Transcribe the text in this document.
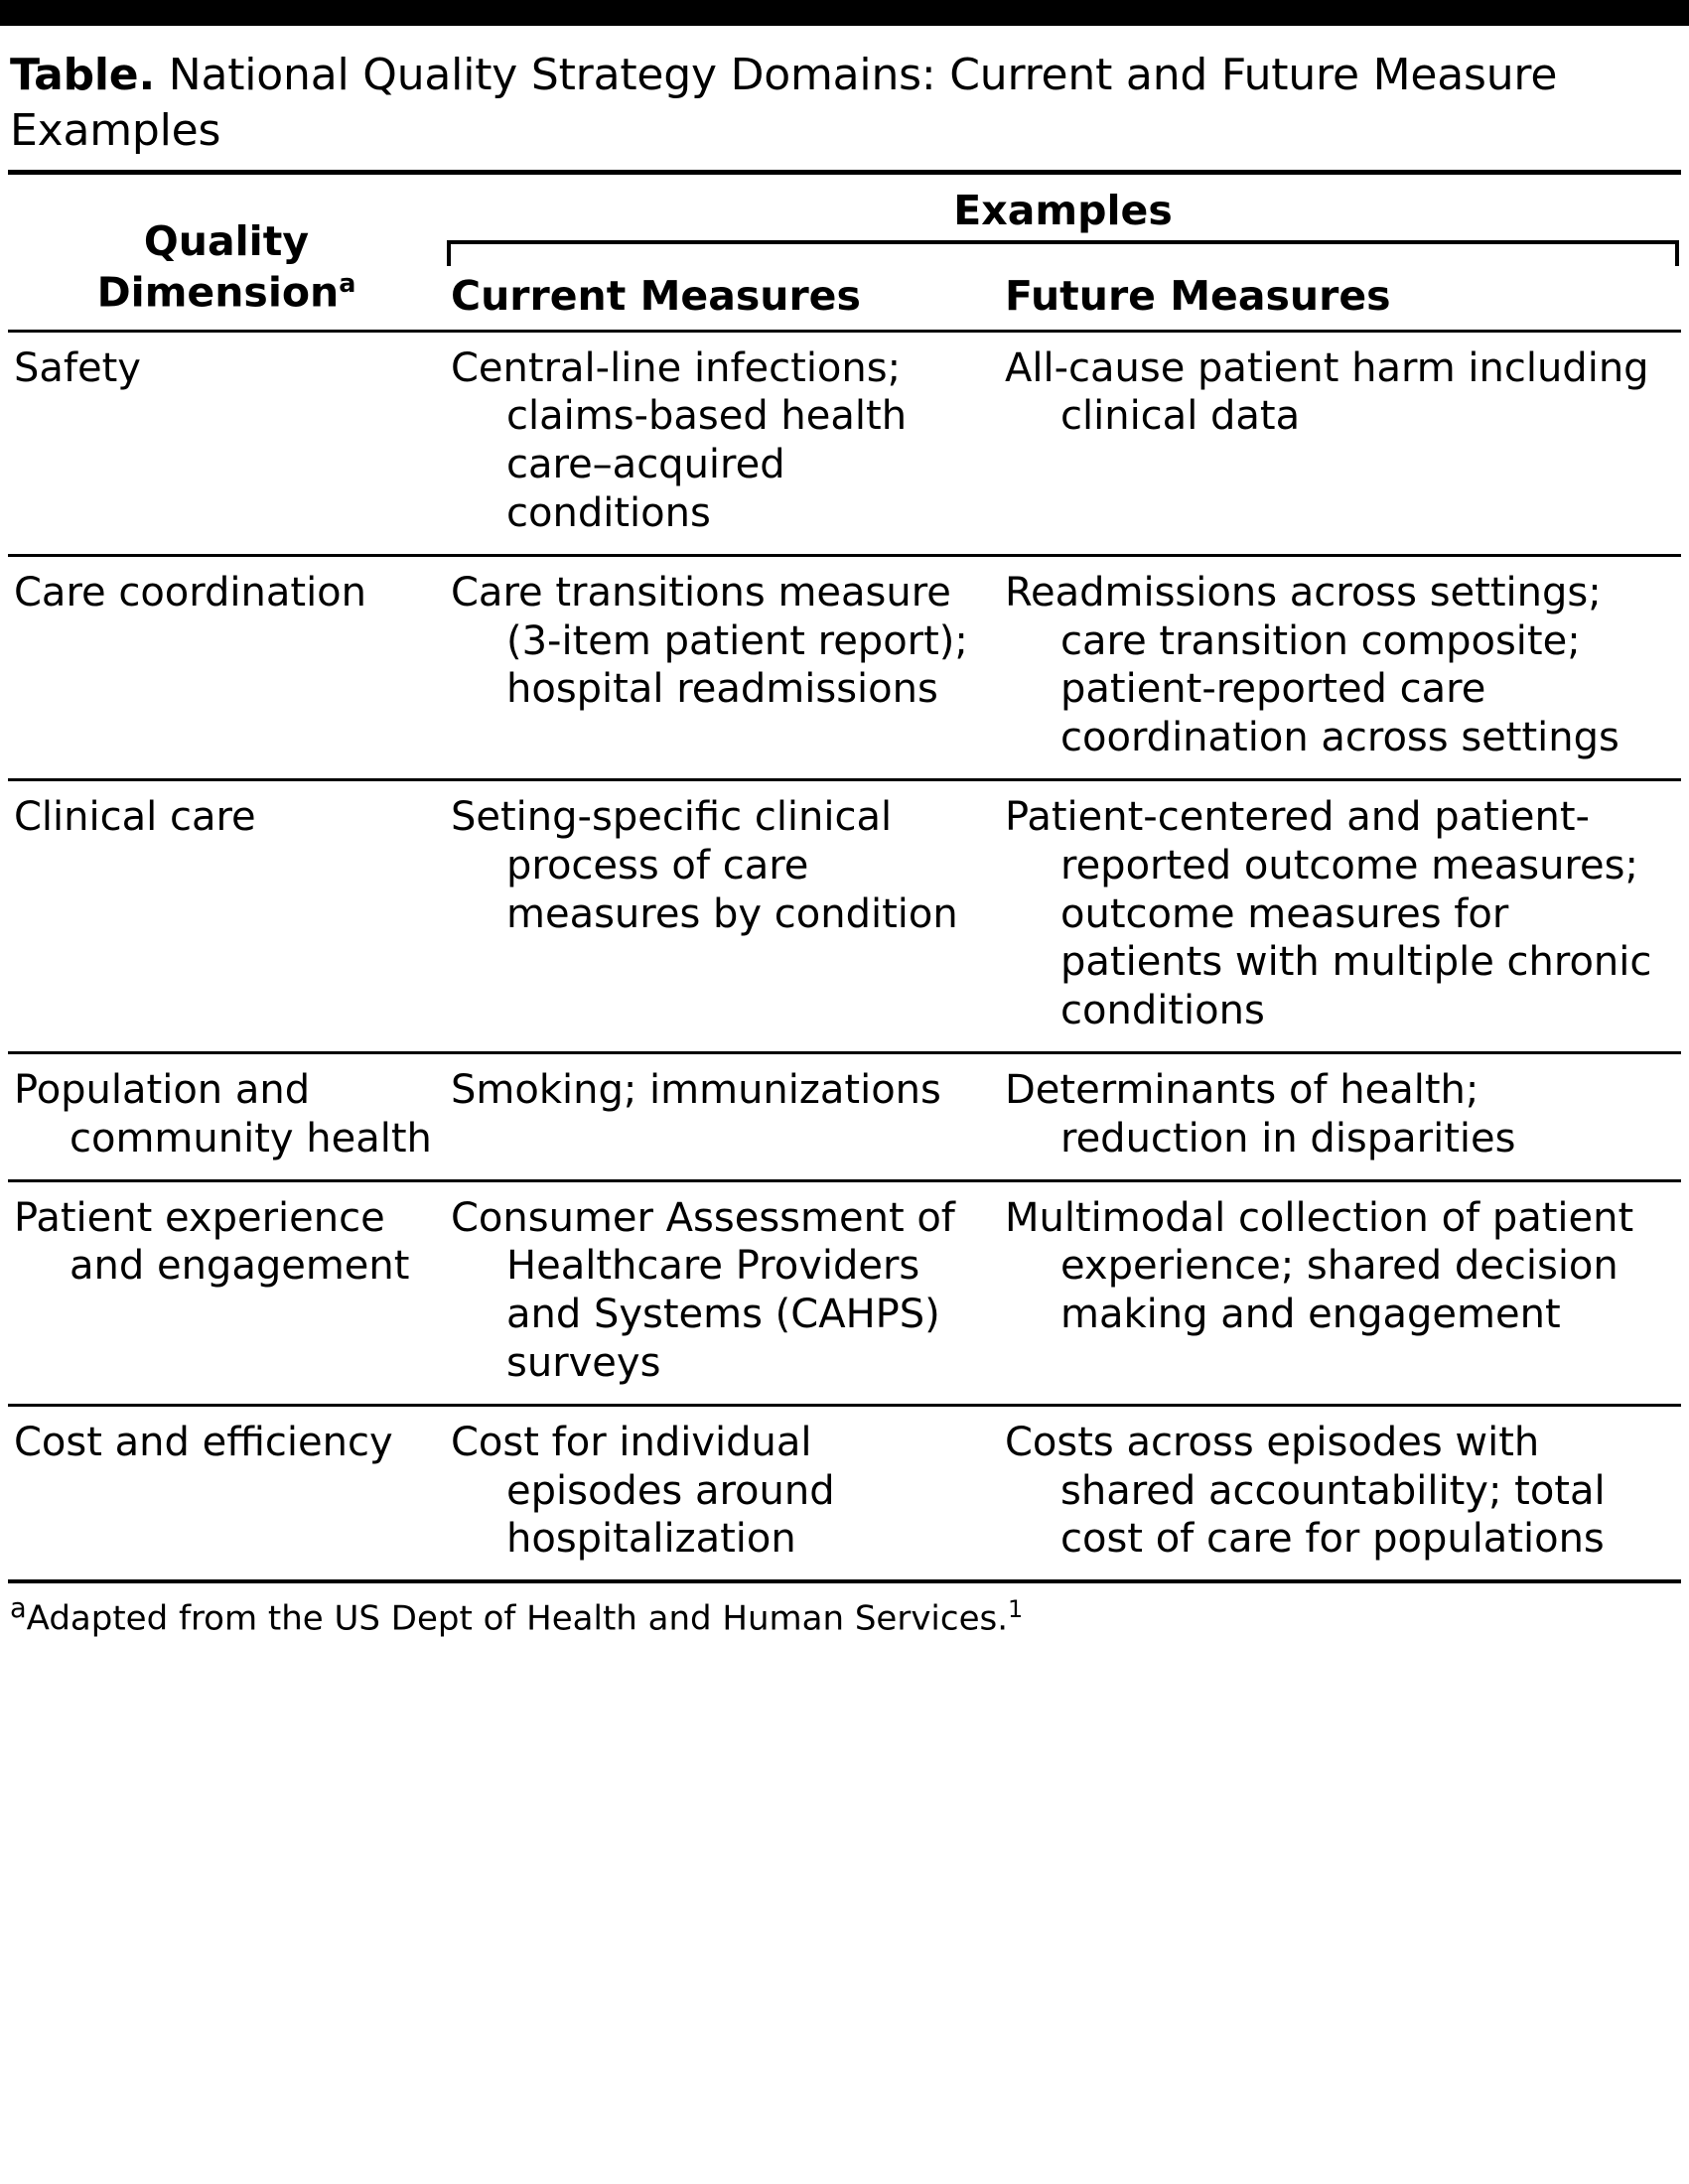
Table. National Quality Strategy Domains: Current and Future Measure Examples
Quality
Dimension$^a$	Examples	

	Current Measures	Future Measures
Safety	Central-line infections; claims-based health care–acquired conditions	All-cause patient harm including clinical data

Care coordination	Care transitions measure (3-item patient report); hospital readmissions	Readmissions across settings; care transition composite; patient-reported care coordination across settings

Clinical care	Seting-specific clinical process of care measures by condition	Patient-centered and patient-reported outcome measures; outcome measures for patients with multiple chronic conditions

Population and community health	Smoking; immunizations	Determinants of health; reduction in disparities

Patient experience and engagement	Consumer Assessment of Healthcare Providers and Systems (CAHPS) surveys	Multimodal collection of patient experience; shared decision making and engagement

Cost and efficiency	Cost for individual episodes around hospitalization	Costs across episodes with shared accountability; total cost of care for populations
$^a$Adapted from the US Dept of Health and Human Services.$^1$
